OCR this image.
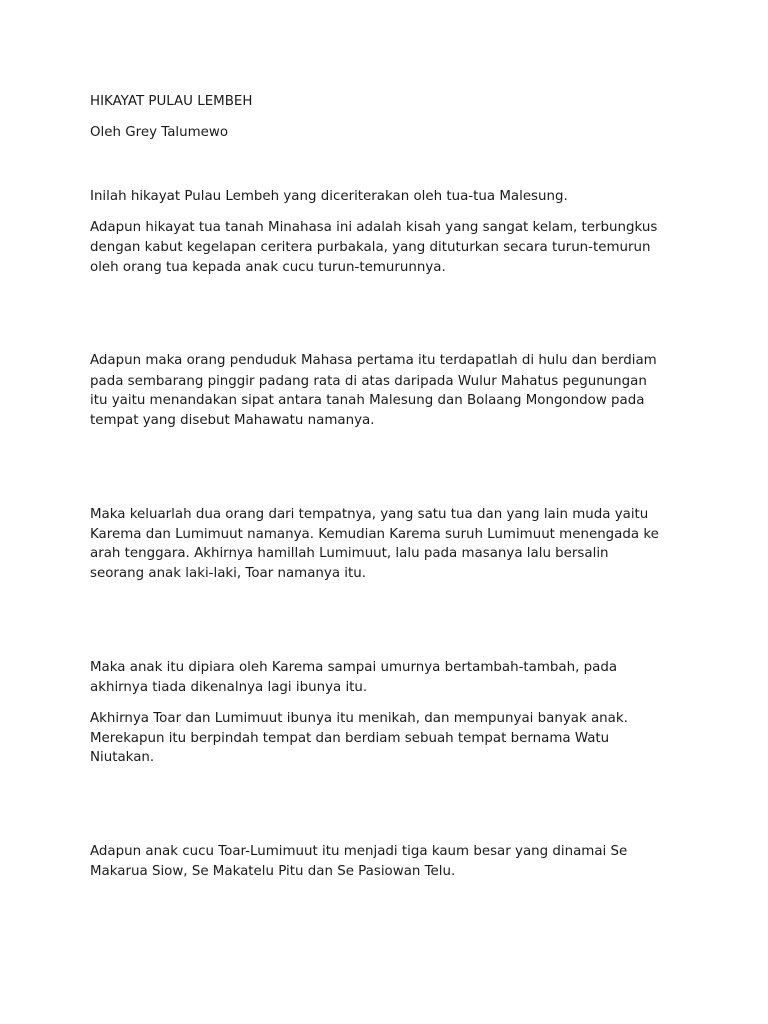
HIKAYAT PULAU LEMBEH
Oleh Grey Talumewo
Inilah hikayat Pulau Lembeh yang diceriterakan oleh tua-tua Malesung.
Adapun hikayat tua tanah Minahasa ini adalah kisah yang sangat kelam, terbungkus
dengan kabut kegelapan ceritera purbakala, yang dituturkan secara turun-temurun
oleh orang tua kepada anak cucu turun-temurunnya.
Adapun maka orang penduduk Mahasa pertama itu terdapatlah di hulu dan berdiam
pada sembarang pinggir padang rata di atas daripada Wulur Mahatus pegunungan
itu yaitu menandakan sipat antara tanah Malesung dan Bolaang Mongondow pada
tempat yang disebut Mahawatu namanya.
Maka keluarlah dua orang dari tempatnya, yang satu tua dan yang lain muda yaitu
Karema dan Lumimuut namanya. Kemudian Karema suruh Lumimuut menengada ke
arah tenggara. Akhirnya hamillah Lumimuut, lalu pada masanya lalu bersalin
seorang anak laki-laki, Toar namanya itu.
Maka anak itu dipiara oleh Karema sampai umurnya bertambah-tambah, pada
akhirnya tiada dikenalnya lagi ibunya itu.
Akhirnya Toar dan Lumimuut ibunya itu menikah, dan mempunyai banyak anak.
Merekapun itu berpindah tempat dan berdiam sebuah tempat bernama Watu
Niutakan.
Adapun anak cucu Toar-Lumimuut itu menjadi tiga kaum besar yang dinamai Se
Makarua Siow, Se Makatelu Pitu dan Se Pasiowan Telu.
